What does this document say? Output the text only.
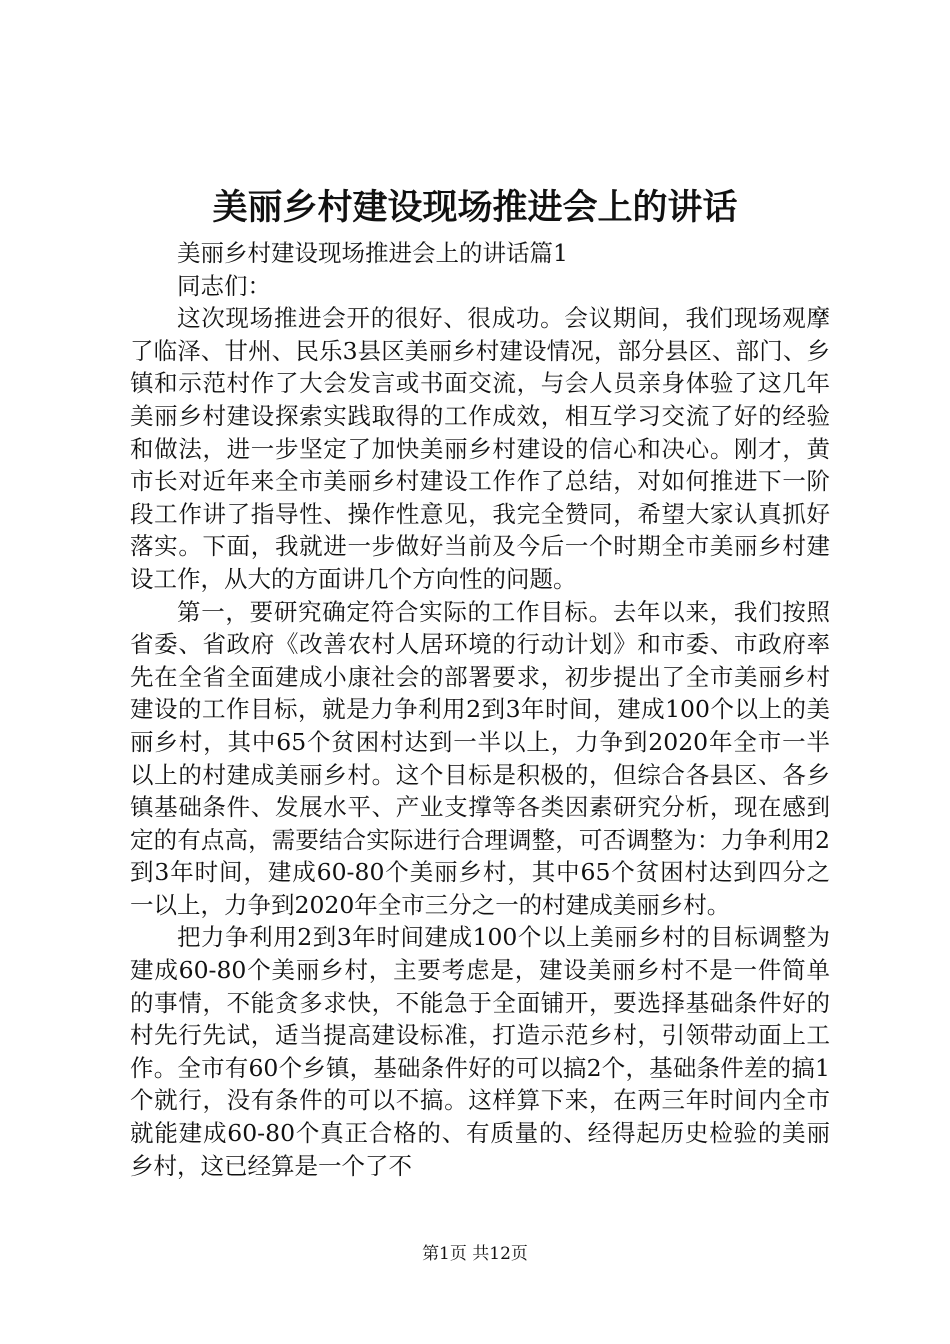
美丽乡村建设现场推进会上的讲话

美丽乡村建设现场推进会上的讲话篇1

同志们：

这次现场推进会开的很好、很成功。会议期间，我们现场观摩了临泽、甘州、民乐3县区美丽乡村建设情况，部分县区、部门、乡镇和示范村作了大会发言或书面交流，与会人员亲身体验了这几年美丽乡村建设探索实践取得的工作成效，相互学习交流了好的经验和做法，进一步坚定了加快美丽乡村建设的信心和决心。刚才，黄市长对近年来全市美丽乡村建设工作作了总结，对如何推进下一阶段工作讲了指导性、操作性意见，我完全赞同，希望大家认真抓好落实。下面，我就进一步做好当前及今后一个时期全市美丽乡村建设工作，从大的方面讲几个方向性的问题。

第一，要研究确定符合实际的工作目标。去年以来，我们按照省委、省政府《改善农村人居环境的行动计划》和市委、市政府率先在全省全面建成小康社会的部署要求，初步提出了全市美丽乡村建设的工作目标，就是力争利用2到3年时间，建成100个以上的美丽乡村，其中65个贫困村达到一半以上，力争到2020年全市一半以上的村建成美丽乡村。这个目标是积极的，但综合各县区、各乡镇基础条件、发展水平、产业支撑等各类因素研究分析，现在感到定的有点高，需要结合实际进行合理调整，可否调整为：力争利用2到3年时间，建成60-80个美丽乡村，其中65个贫困村达到四分之一以上，力争到2020年全市三分之一的村建成美丽乡村。

把力争利用2到3年时间建成100个以上美丽乡村的目标调整为建成60-80个美丽乡村，主要考虑是，建设美丽乡村不是一件简单的事情，不能贪多求快，不能急于全面铺开，要选择基础条件好的村先行先试，适当提高建设标准，打造示范乡村，引领带动面上工作。全市有60个乡镇，基础条件好的可以搞2个，基础条件差的搞1个就行，没有条件的可以不搞。这样算下来，在两三年时间内全市就能建成60-80个真正合格的、有质量的、经得起历史检验的美丽乡村，这已经算是一个了不

第1页 共12页
